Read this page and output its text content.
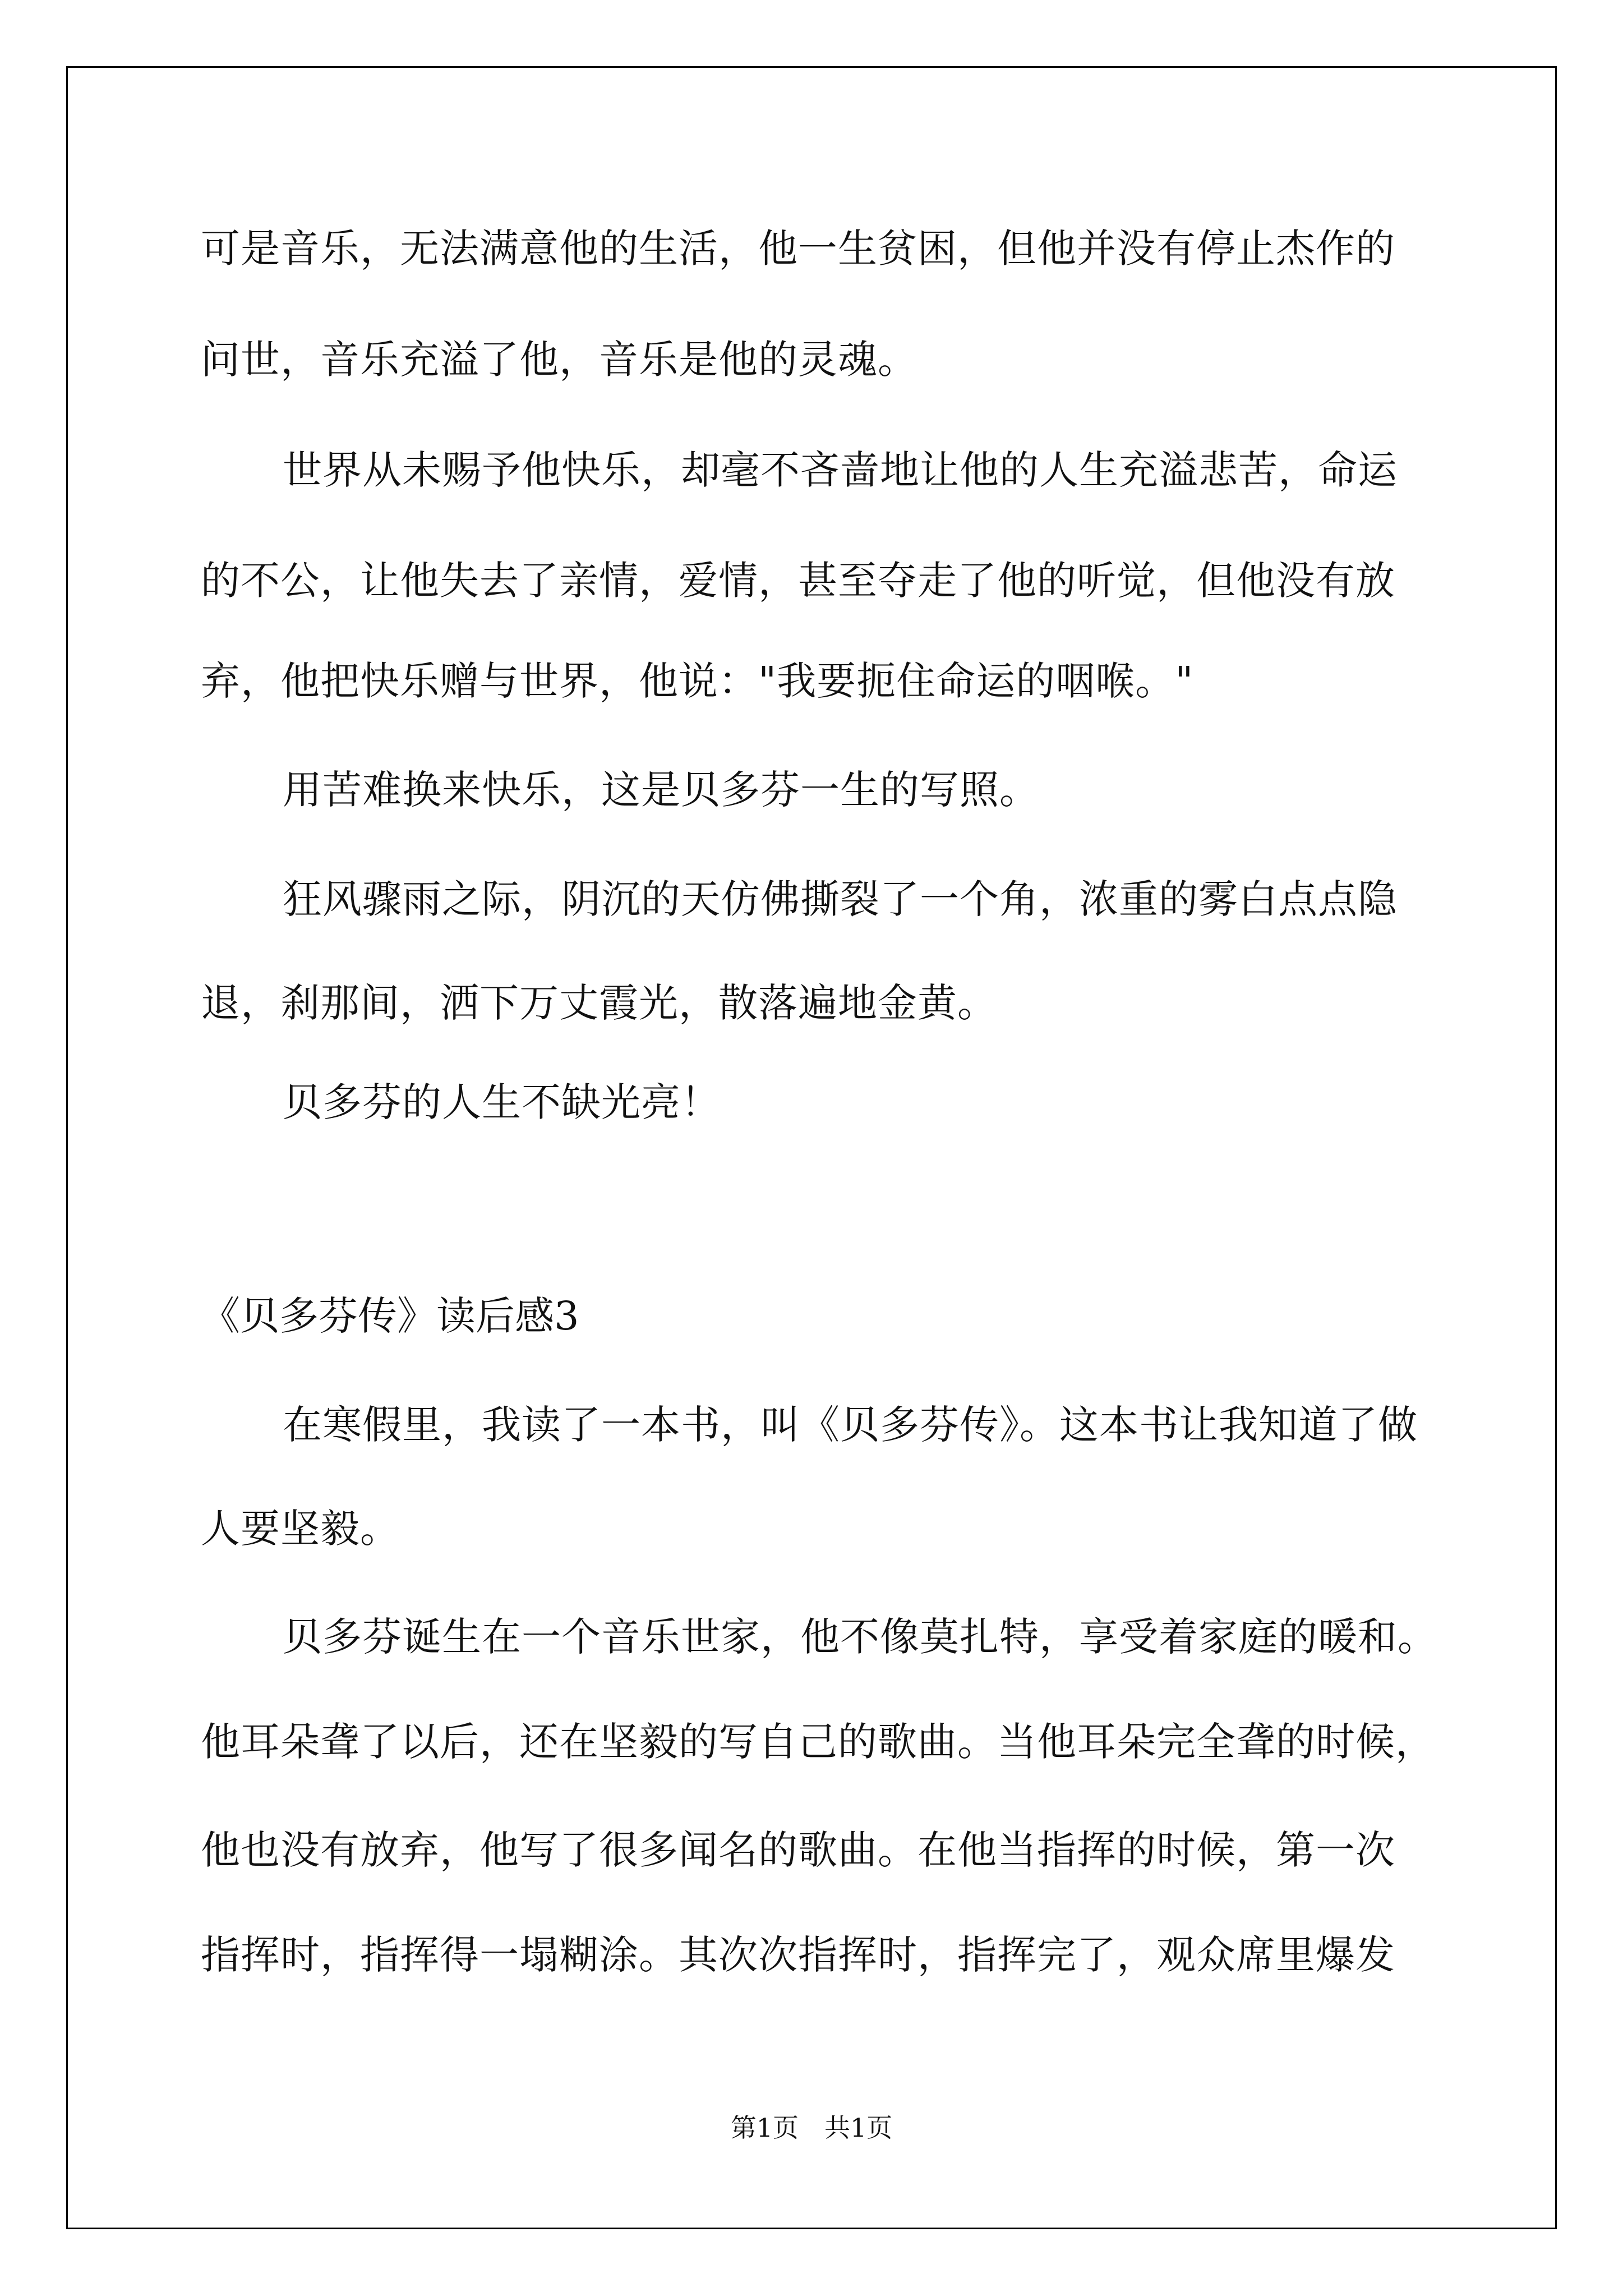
可是音乐，无法满意他的生活，他一生贫困，但他并没有停止杰作的
问世，音乐充溢了他，音乐是他的灵魂。
世界从未赐予他快乐，却毫不吝啬地让他的人生充溢悲苦，命运
的不公，让他失去了亲情，爱情，甚至夺走了他的听觉，但他没有放
弃，他把快乐赠与世界，他说："我要扼住命运的咽喉。"
用苦难换来快乐，这是贝多芬一生的写照。
狂风骤雨之际，阴沉的天仿佛撕裂了一个角，浓重的雾白点点隐
退，刹那间，洒下万丈霞光，散落遍地金黄。
贝多芬的人生不缺光亮！
《贝多芬传》读后感3
在寒假里，我读了一本书，叫《贝多芬传》。这本书让我知道了做
人要坚毅。
贝多芬诞生在一个音乐世家，他不像莫扎特，享受着家庭的暖和。
他耳朵聋了以后，还在坚毅的写自己的歌曲。当他耳朵完全聋的时候，
他也没有放弃，他写了很多闻名的歌曲。在他当指挥的时候，第一次
指挥时，指挥得一塌糊涂。其次次指挥时，指挥完了，观众席里爆发
第1页　共1页
